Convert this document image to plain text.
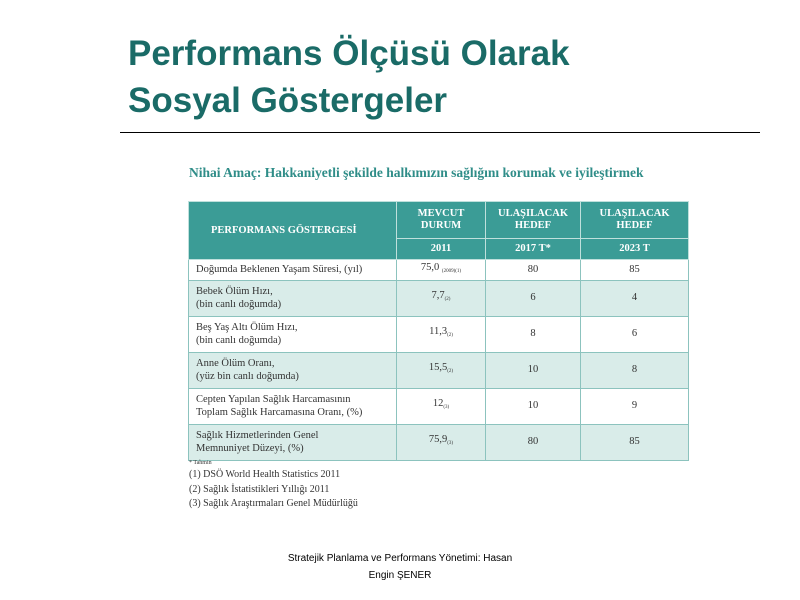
Performans Ölçüsü Olarak
Sosyal Göstergeler
Nihai Amaç: Hakkaniyetli şekilde halkımızın sağlığını korumak ve iyileştirmek
PERFORMANS GÖSTERGESİ	MEVCUT DURUM	ULAŞILACAK HEDEF	ULAŞILACAK HEDEF
	2011	2017 T*	2023 T
Doğumda Beklenen Yaşam Süresi, (yıl)	75,0 $_{(2009)(1)}$	80	85
Bebek Ölüm Hızı,
(bin canlı doğumda)	$7,7_{(2)}$	6	4
Beş Yaş Altı Ölüm Hızı,
(bin canlı doğumda)	$11,3_{(2)}$	8	6
Anne Ölüm Oranı,
(yüz bin canlı doğumda)	$15,5_{(2)}$	10	8
Cepten Yapılan Sağlık Harcamasının
Toplam Sağlık Harcamasına Oranı, (%)	$12_{(3)}$	10	9
Sağlık Hizmetlerinden Genel
Memnuniyet Düzeyi, (%)	$75,9_{(3)}$	80	85
* Tahmin
(1) DSÖ World Health Statistics 2011
(2) Sağlık İstatistikleri Yıllığı 2011
(3) Sağlık Araştırmaları Genel Müdürlüğü
Stratejik Planlama ve Performans Yönetimi: Hasan
Engin ŞENER
